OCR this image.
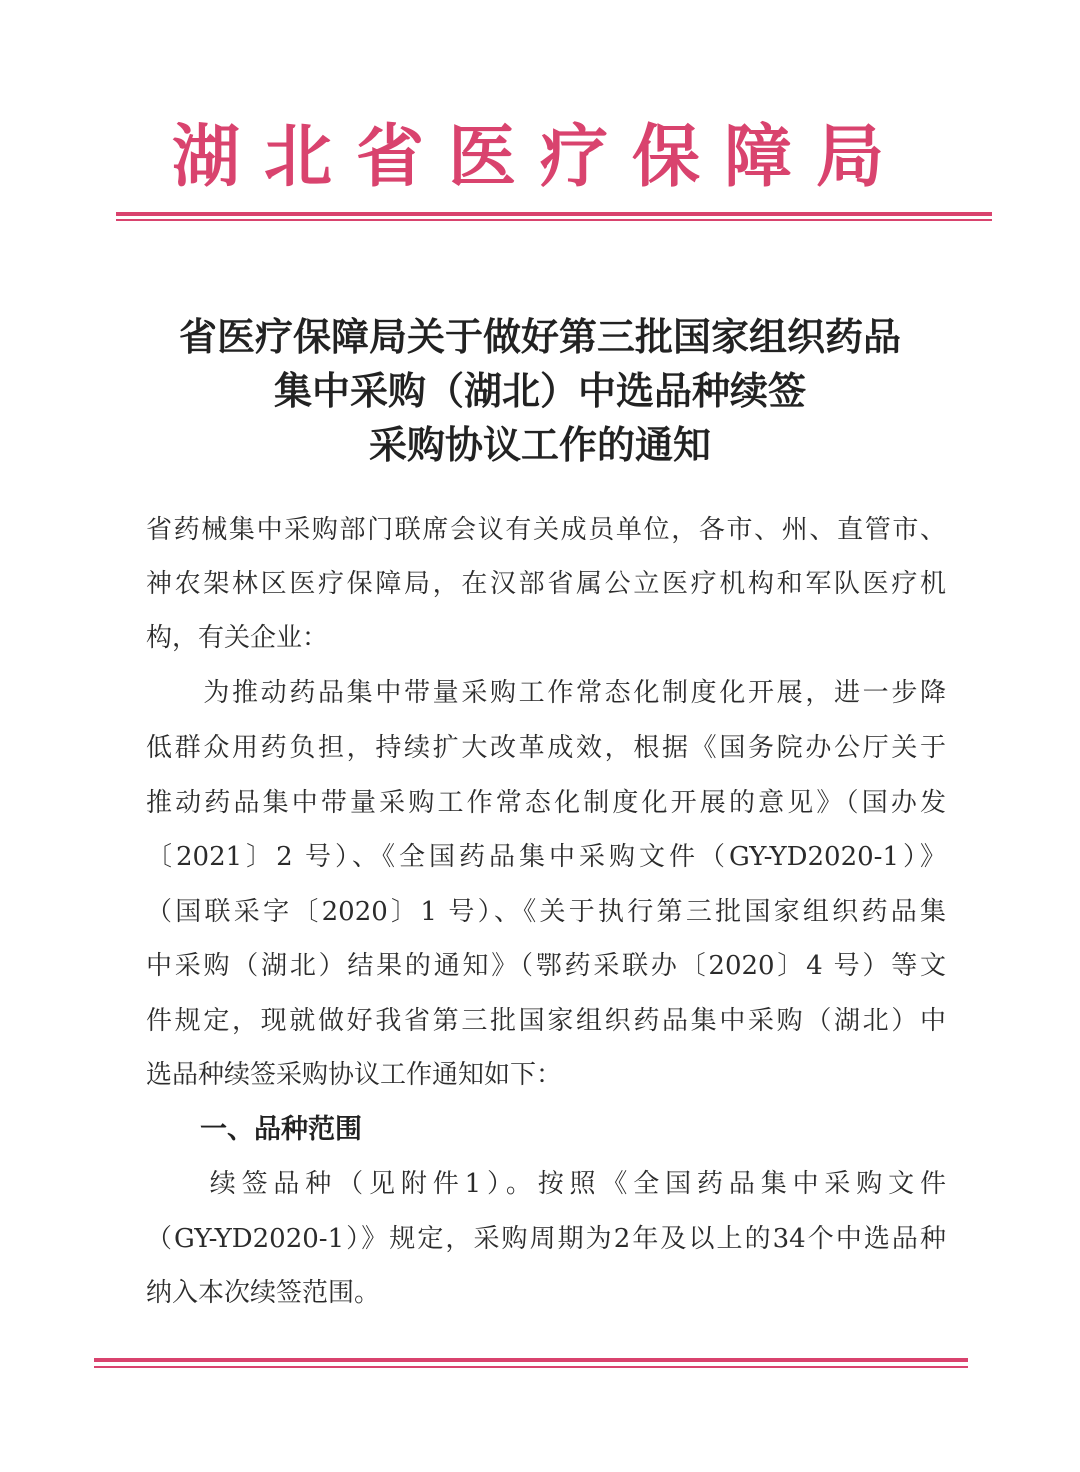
湖北省医疗保障局
省医疗保障局关于做好第三批国家组织药品
集中采购（湖北）中选品种续签
采购协议工作的通知
省药械集中采购部门联席会议有关成员单位，各市、州、直管市、
神农架林区医疗保障局，在汉部省属公立医疗机构和军队医疗机
构，有关企业：
　　为推动药品集中带量采购工作常态化制度化开展，进一步降
低群众用药负担，持续扩大改革成效，根据《国务院办公厅关于
推动药品集中带量采购工作常态化制度化开展的意见》（国办发
〔2021〕2 号）、《全国药品集中采购文件（GY-YD2020-1）》
（国联采字〔2020〕1 号）、《关于执行第三批国家组织药品集
中采购（湖北）结果的通知》（鄂药采联办〔2020〕4 号）等文
件规定，现就做好我省第三批国家组织药品集中采购（湖北）中
选品种续签采购协议工作通知如下：
一、品种范围
　　续签品种（见附件1）。按照《全国药品集中采购文件
（GY-YD2020-1）》规定，采购周期为2年及以上的34个中选品种
纳入本次续签范围。
